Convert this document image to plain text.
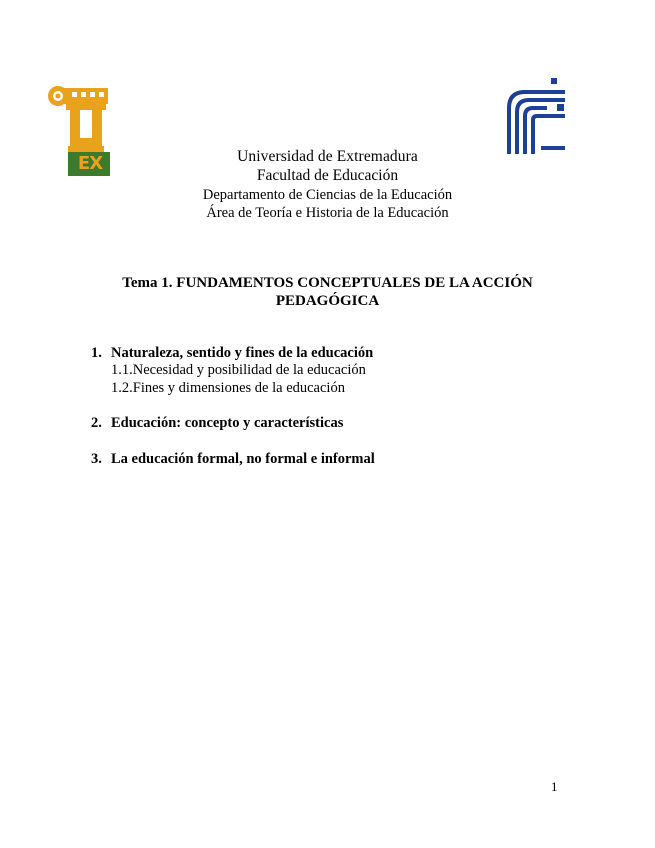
EX	Universidad de Extremadura
Facultad de Educación
Departamento de Ciencias de la Educación
Área de Teoría e Historia de la Educación
Tema 1. FUNDAMENTOS CONCEPTUALES DE LA ACCIÓN PEDAGÓGICA
1. Naturaleza, sentido y fines de la educación
1.1.Necesidad y posibilidad de la educación
1.2.Fines y dimensiones de la educación
2. Educación: concepto y características
3. La educación formal, no formal e informal
1
